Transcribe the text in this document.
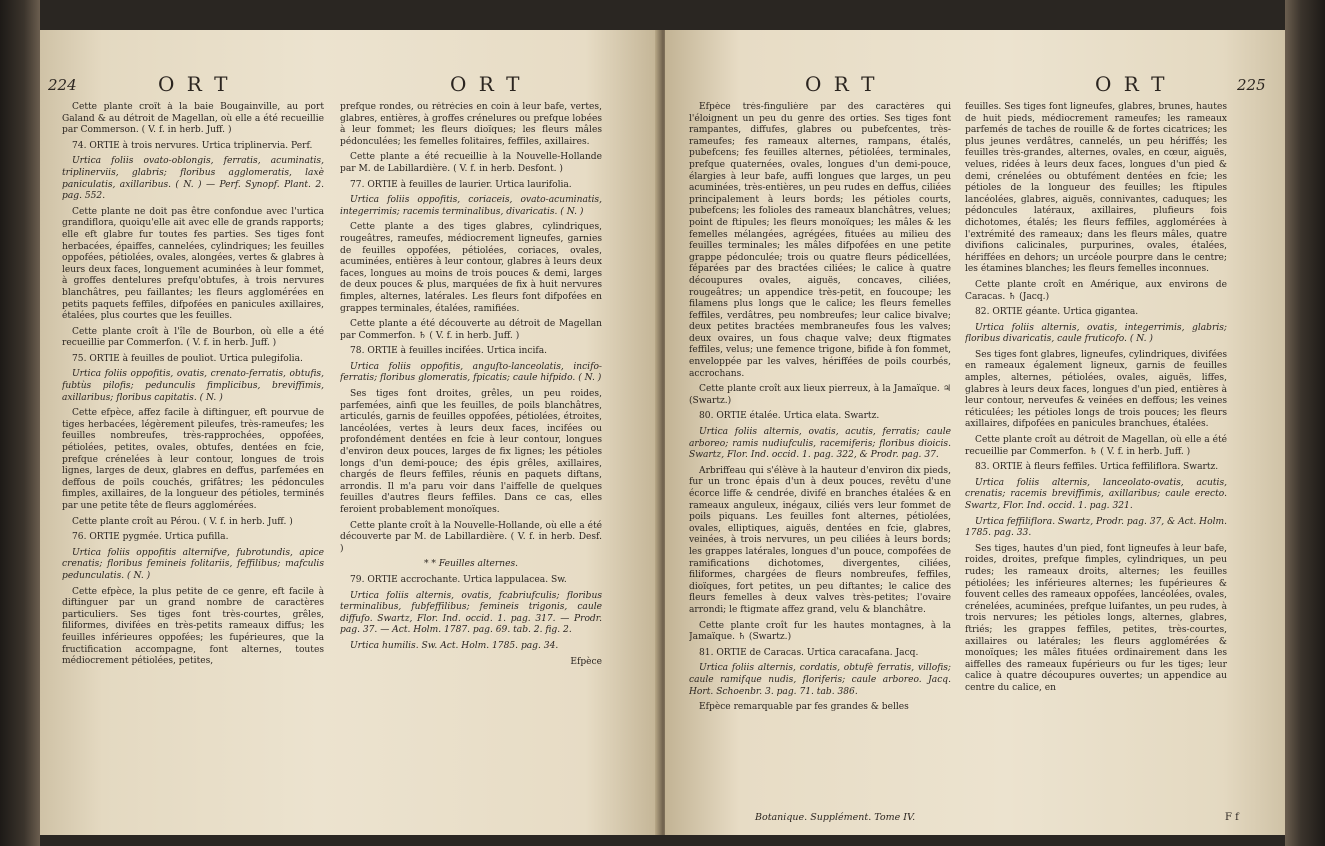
224	O R T	O R T

Cette plante croît à la baie Bougainville, au port Galand & au détroit de Magellan, où elle a été recueillie par Commerson. ( V. f. in herb. Juff. )

74. ORTIE à trois nervures. Urtica triplinervia. Perf.

Urtica foliis ovato-oblongis, ferratis, acuminatis, triplinerviis, glabris; floribus agglomeratis, laxè paniculatis, axillaribus. ( N. ) — Perf. Synopf. Plant. 2. pag. 552.

Cette plante ne doit pas être confondue avec l'urtica grandiflora, quoiqu'elle ait avec elle de grands rapports; elle eft glabre fur toutes fes parties. Ses tiges font herbacées, épaiffes, cannelées, cylindriques; les feuilles oppofées, pétiolées, ovales, alongées, vertes & glabres à leurs deux faces, longuement acuminées à leur fommet, à groffes dentelures prefqu'obtufes, à trois nervures blanchâtres, peu faillantes; les fleurs agglomérées en petits paquets feffiles, difpofées en panicules axillaires, étalées, plus courtes que les feuilles.

Cette plante croît à l'île de Bourbon, où elle a été recueillie par Commerfon. ( V. f. in herb. Juff. )

75. ORTIE à feuilles de pouliot. Urtica pulegifolia.

Urtica foliis oppofitis, ovatis, crenato-ferratis, obtufis, fubtùs pilofis; pedunculis fimplicibus, breviffimis, axillaribus; floribus capitatis. ( N. )

Cette efpèce, affez facile à diftinguer, eft pourvue de tiges herbacées, légèrement pileufes, très-rameufes; les feuilles nombreufes, très-rapprochées, oppofées, pétiolées, petites, ovales, obtufes, dentées en fcie, prefque crénelées à leur contour, longues de trois lignes, larges de deux, glabres en deffus, parfemées en deffous de poils couchés, grifâtres; les pédoncules fimples, axillaires, de la longueur des pétioles, terminés par une petite tête de fleurs agglomérées.

Cette plante croît au Pérou. ( V. f. in herb. Juff. )

76. ORTIE pygmée. Urtica pufilla.

Urtica foliis oppofitis alternifve, fubrotundis, apice crenatis; floribus femineis folitariis, feffilibus; mafculis pedunculatis. ( N. )

Cette efpèce, la plus petite de ce genre, eft facile à diftinguer par un grand nombre de caractères particuliers. Ses tiges font très-courtes, grêles, filiformes, divifées en très-petits rameaux diffus; les feuilles inférieures oppofées; les fupérieures, que la fructification accompagne, font alternes, toutes médiocrement pétiolées, petites,

prefque rondes, ou rétrécies en coin à leur bafe, vertes, glabres, entières, à groffes crénelures ou prefque lobées à leur fommet; les fleurs dioïques; les fleurs mâles pédonculées; les femelles folitaires, feffiles, axillaires.

Cette plante a été recueillie à la Nouvelle-Hollande par M. de Labillardière. ( V. f. in herb. Desfont. )

77. ORTIE à feuilles de laurier. Urtica laurifolia.

Urtica foliis oppofitis, coriaceis, ovato-acuminatis, integerrimis; racemis terminalibus, divaricatis. ( N. )

Cette plante a des tiges glabres, cylindriques, rougeâtres, rameufes, médiocrement ligneufes, garnies de feuilles oppofées, pétiolées, coriaces, ovales, acuminées, entières à leur contour, glabres à leurs deux faces, longues au moins de trois pouces & demi, larges de deux pouces & plus, marquées de fix à huit nervures fimples, alternes, latérales. Les fleurs font difpofées en grappes terminales, étalées, ramifiées.

Cette plante a été découverte au détroit de Magellan par Commerfon. ♄ ( V. f. in herb. Juff. )

78. ORTIE à feuilles incifées. Urtica incifa.

Urtica foliis oppofitis, anguſto-lanceolatis, incifo-ferratis; floribus glomeratis, fpicatis; caule hifpido. ( N. )

Ses tiges font droites, grêles, un peu roides, parfemées, ainfi que les feuilles, de poils blanchâtres, articulés, garnis de feuilles oppofées, pétiolées, étroites, lancéolées, vertes à leurs deux faces, incifées ou profondément dentées en fcie à leur contour, longues d'environ deux pouces, larges de fix lignes; les pétioles longs d'un demi-pouce; des épis grêles, axillaires, chargés de fleurs feffiles, réunis en paquets diftans, arrondis. Il m'a paru voir dans l'aiffelle de quelques feuilles d'autres fleurs feffiles. Dans ce cas, elles feroient probablement monoïques.

Cette plante croît à la Nouvelle-Hollande, où elle a été découverte par M. de Labillardière. ( V. f. in herb. Desf. )

* * Feuilles alternes.

79. ORTIE accrochante. Urtica lappulacea. Sw.

Urtica foliis alternis, ovatis, fcabriufculis; floribus terminalibus, fubfeffilibus; femineis trigonis, caule diffufo. Swartz, Flor. Ind. occid. 1. pag. 317. — Prodr. pag. 37. — Act. Holm. 1787. pag. 69. tab. 2. fig. 2.

Urtica humilis. Sw. Act. Holm. 1785. pag. 34.

Efpèce
O R T	O R T	225

Efpèce très-fingulière par des caractères qui l'éloignent un peu du genre des orties. Ses tiges font rampantes, diffufes, glabres ou pubefcentes, très-rameufes; fes rameaux alternes, rampans, étalés, pubefcens; fes feuilles alternes, pétiolées, terminales, prefque quaternées, ovales, longues d'un demi-pouce, élargies à leur bafe, auffi longues que larges, un peu acuminées, très-entières, un peu rudes en deffus, ciliées principalement à leurs bords; les pétioles courts, pubefcens; les folioles des rameaux blanchâtres, velues; point de ftipules; les fleurs monoïques; les mâles & les femelles mélangées, agrégées, fituées au milieu des feuilles terminales; les mâles difpofées en une petite grappe pédonculée; trois ou quatre fleurs pédicellées, féparées par des bractées ciliées; le calice à quatre découpures ovales, aiguës, concaves, ciliées, rougeâtres; un appendice très-petit, en foucoupe; les filamens plus longs que le calice; les fleurs femelles feffiles, verdâtres, peu nombreufes; leur calice bivalve; deux petites bractées membraneufes fous les valves; deux ovaires, un fous chaque valve; deux ftigmates feffiles, velus; une femence trigone, bifide à fon fommet, enveloppée par les valves, hériffées de poils courbés, accrochans.

Cette plante croît aux lieux pierreux, à la Jamaïque. ♃ (Swartz.)

80. ORTIE étalée. Urtica elata. Swartz.

Urtica foliis alternis, ovatis, acutis, ferratis; caule arboreo; ramis nudiufculis, racemiferis; floribus dioicis. Swartz, Flor. Ind. occid. 1. pag. 322, & Prodr. pag. 37.

Arbriffeau qui s'élève à la hauteur d'environ dix pieds, fur un tronc épais d'un à deux pouces, revêtu d'une écorce liffe & cendrée, divifé en branches étalées & en rameaux anguleux, inégaux, ciliés vers leur fommet de poils piquans. Les feuilles font alternes, pétiolées, ovales, elliptiques, aiguës, dentées en fcie, glabres, veinées, à trois nervures, un peu ciliées à leurs bords; les grappes latérales, longues d'un pouce, compofées de ramifications dichotomes, divergentes, ciliées, filiformes, chargées de fleurs nombreufes, feffiles, dioïques, fort petites, un peu diftantes; le calice des fleurs femelles à deux valves très-petites; l'ovaire arrondi; le ftigmate affez grand, velu & blanchâtre.

Cette plante croît fur les hautes montagnes, à la Jamaïque. ♄ (Swartz.)

81. ORTIE de Caracas. Urtica caracafana. Jacq.

Urtica foliis alternis, cordatis, obtufè ferratis, villofis; caule ramifque nudis, floriferis; caule arboreo. Jacq. Hort. Schoenbr. 3. pag. 71. tab. 386.

Efpèce remarquable par fes grandes & belles

feuilles. Ses tiges font ligneufes, glabres, brunes, hautes de huit pieds, médiocrement rameufes; les rameaux parfemés de taches de rouille & de fortes cicatrices; les plus jeunes verdâtres, cannelés, un peu hériffés; les feuilles très-grandes, alternes, ovales, en cœur, aiguës, velues, ridées à leurs deux faces, longues d'un pied & demi, crénelées ou obtufément dentées en fcie; les pétioles de la longueur des feuilles; les ftipules lancéolées, glabres, aiguës, connivantes, caduques; les pédoncules latéraux, axillaires, plufieurs fois dichotomes, étalés; les fleurs feffiles, agglomérées à l'extrémité des rameaux; dans les fleurs mâles, quatre divifions calicinales, purpurines, ovales, étalées, hériffées en dehors; un urcéole pourpre dans le centre; les étamines blanches; les fleurs femelles inconnues.

Cette plante croît en Amérique, aux environs de Caracas. ♄ (Jacq.)

82. ORTIE géante. Urtica gigantea.

Urtica foliis alternis, ovatis, integerrimis, glabris; floribus divaricatis, caule fruticofo. ( N. )

Ses tiges font glabres, ligneufes, cylindriques, divifées en rameaux également ligneux, garnis de feuilles amples, alternes, pétiolées, ovales, aiguës, liffes, glabres à leurs deux faces, longues d'un pied, entières à leur contour, nerveufes & veinées en deffous; les veines réticulées; les pétioles longs de trois pouces; les fleurs axillaires, difpofées en panicules branchues, étalées.

Cette plante croît au détroit de Magellan, où elle a été recueillie par Commerfon. ♄ ( V. f. in herb. Juff. )

83. ORTIE à fleurs feffiles. Urtica feffiliflora. Swartz.

Urtica foliis alternis, lanceolato-ovatis, acutis, crenatis; racemis breviffimis, axillaribus; caule erecto. Swartz, Flor. Ind. occid. 1. pag. 321.

Urtica feffiliflora. Swartz, Prodr. pag. 37, & Act. Holm. 1785. pag. 33.

Ses tiges, hautes d'un pied, font ligneufes à leur bafe, roides, droites, prefque fimples, cylindriques, un peu rudes; les rameaux droits, alternes; les feuilles pétiolées; les inférieures alternes; les fupérieures & fouvent celles des rameaux oppofées, lancéolées, ovales, crénelées, acuminées, prefque luifantes, un peu rudes, à trois nervures; les pétioles longs, alternes, glabres, ftriés; les grappes feffiles, petites, très-courtes, axillaires ou latérales; les fleurs agglomérées & monoïques; les mâles fituées ordinairement dans les aiffelles des rameaux fupérieurs ou fur les tiges; leur calice à quatre découpures ouvertes; un appendice au centre du calice, en

Botanique. Supplément. Tome IV.	F f
